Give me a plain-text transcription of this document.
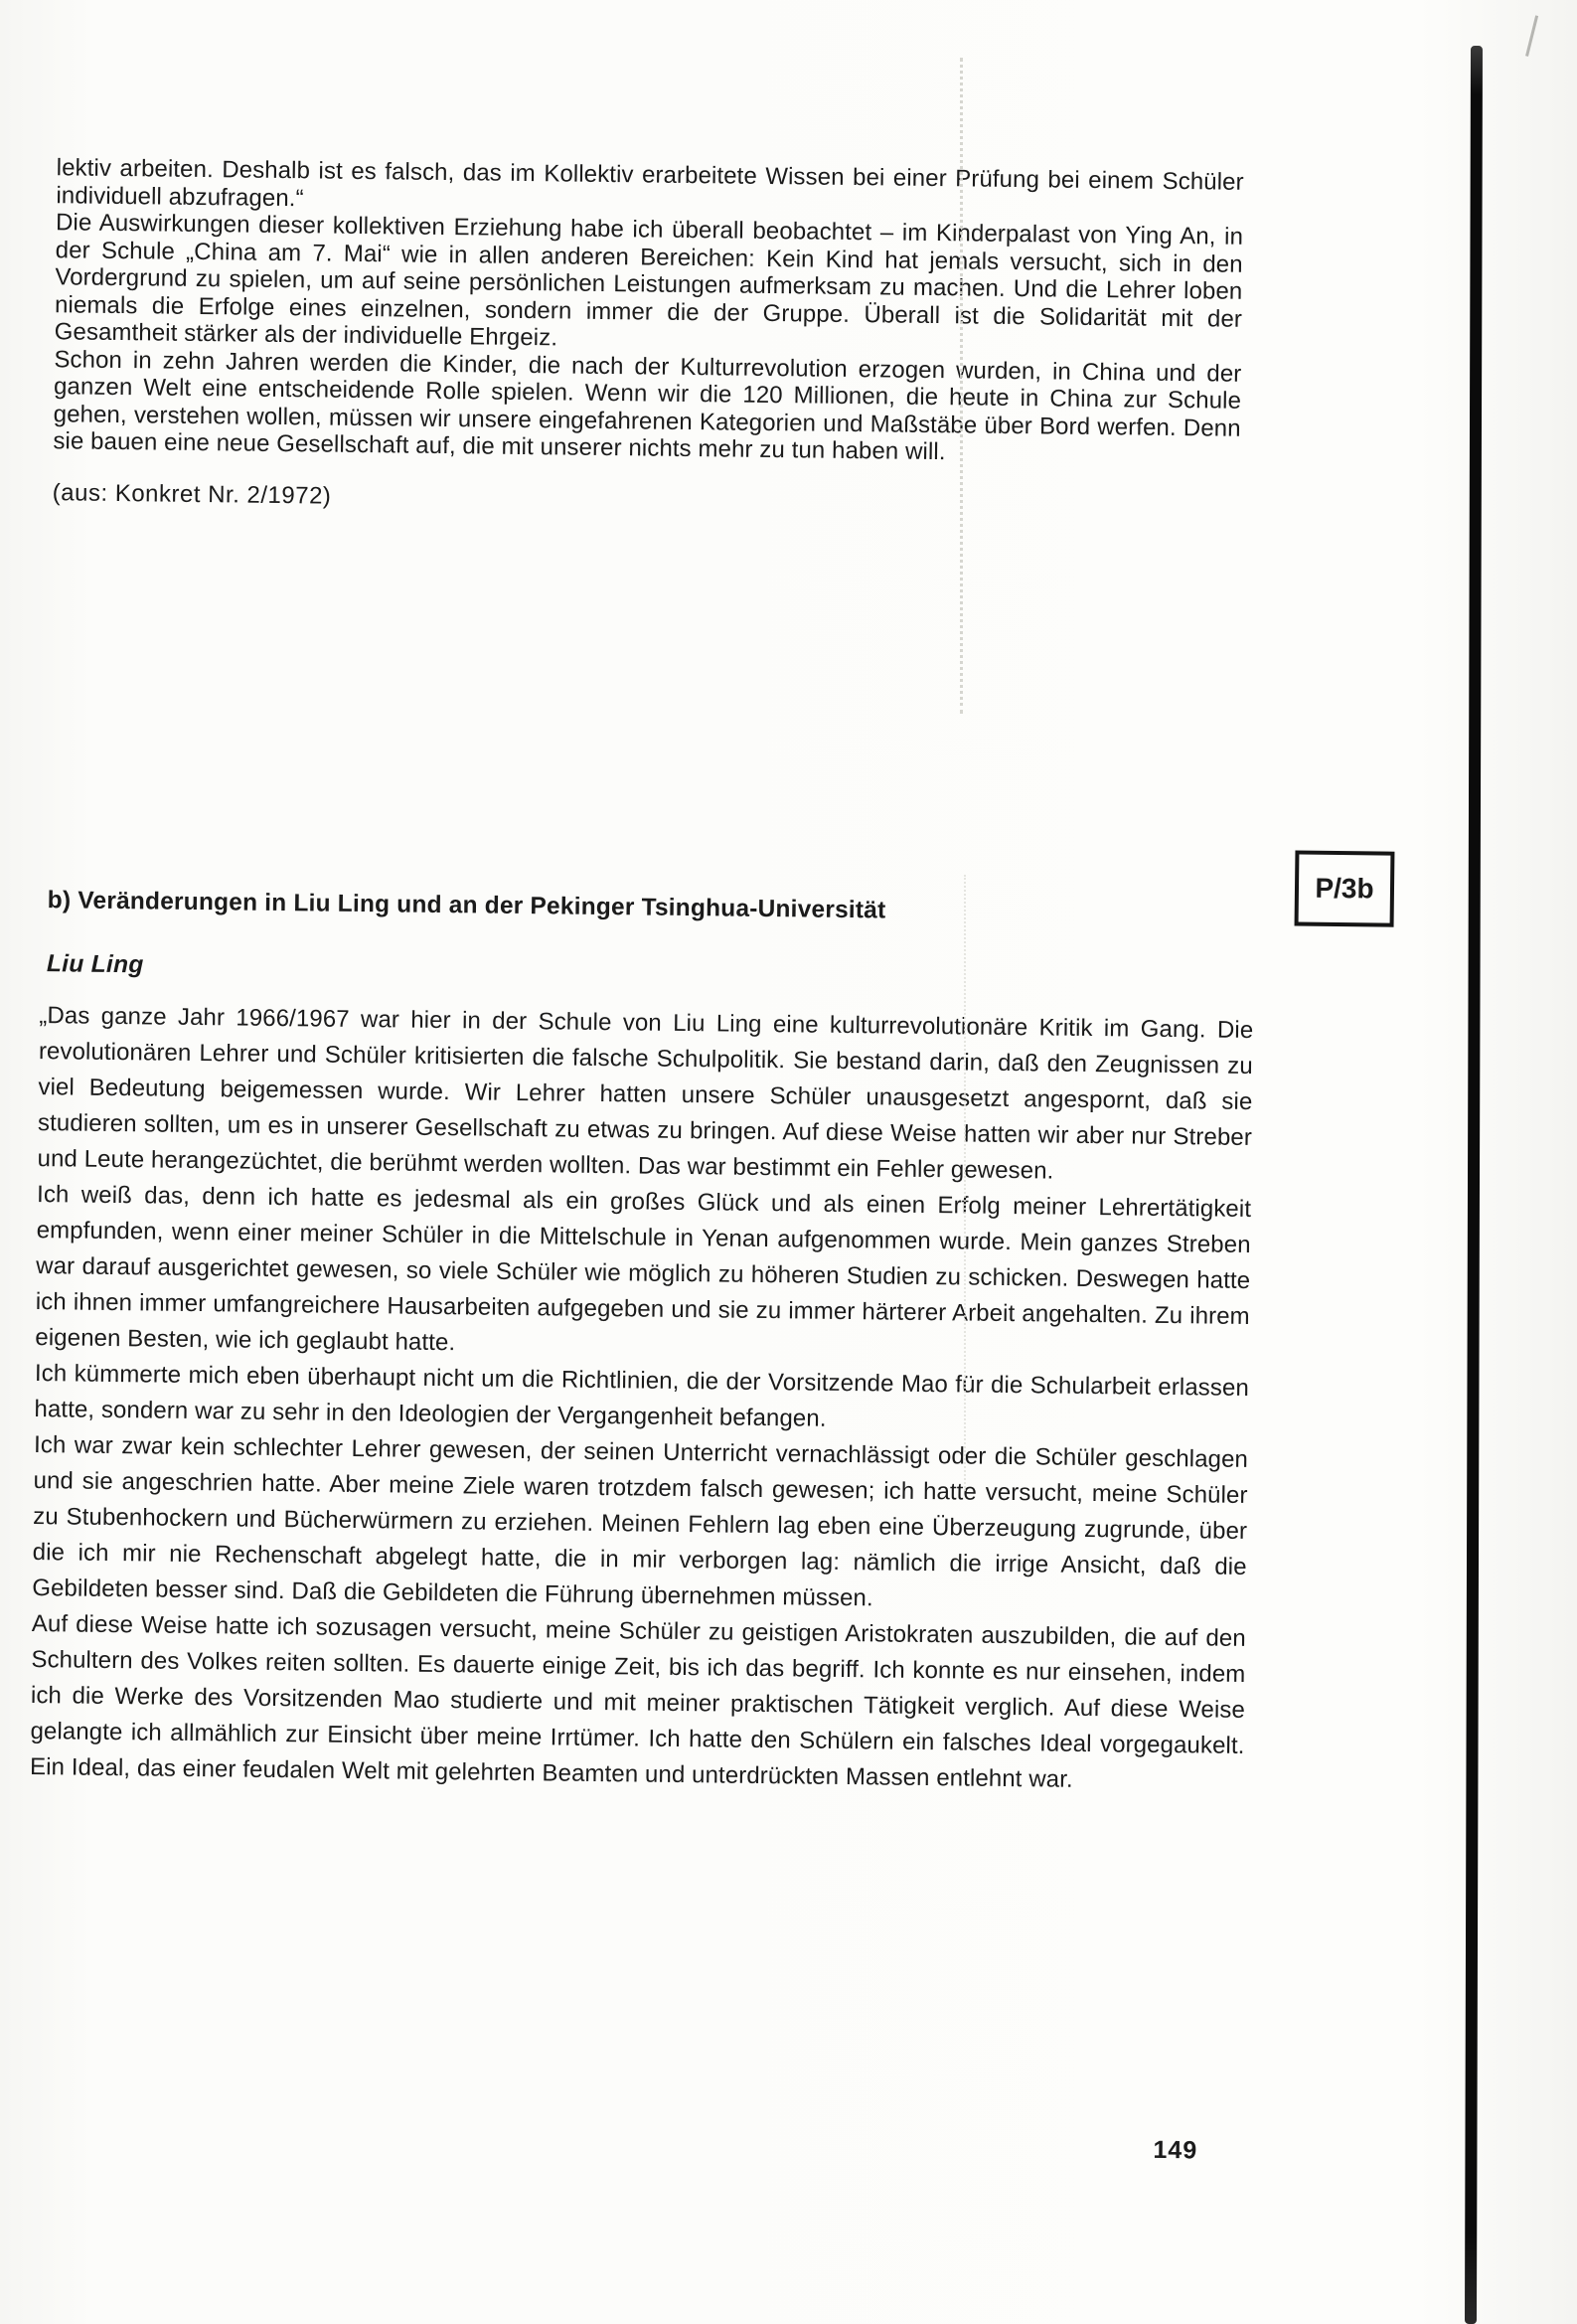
lektiv arbeiten. Deshalb ist es falsch, das im Kollektiv erarbeitete Wissen bei einer Prüfung bei einem Schüler individuell abzufragen.“

Die Auswirkungen dieser kollektiven Erziehung habe ich überall beobachtet – im Kinderpalast von Ying An, in der Schule „China am 7. Mai“ wie in allen anderen Bereichen: Kein Kind hat jemals versucht, sich in den Vordergrund zu spielen, um auf seine persönlichen Leistungen aufmerksam zu machen. Und die Lehrer loben niemals die Erfolge eines einzelnen, sondern immer die der Gruppe. Überall ist die Solidarität mit der Gesamtheit stärker als der individuelle Ehrgeiz.

Schon in zehn Jahren werden die Kinder, die nach der Kulturrevolution erzogen wurden, in China und der ganzen Welt eine entscheidende Rolle spielen. Wenn wir die 120 Millionen, die heute in China zur Schule gehen, verstehen wollen, müssen wir unsere eingefahrenen Kategorien und Maßstäbe über Bord werfen. Denn sie bauen eine neue Gesellschaft auf, die mit unserer nichts mehr zu tun haben will.

(aus: Konkret Nr. 2/1972)

b) Veränderungen in Liu Ling und an der Pekinger Tsinghua-Universität	P/3b
Liu Ling

„Das ganze Jahr 1966/1967 war hier in der Schule von Liu Ling eine kulturrevolutionäre Kritik im Gang. Die revolutionären Lehrer und Schüler kritisierten die falsche Schulpolitik. Sie bestand darin, daß den Zeugnissen zu viel Bedeutung beigemessen wurde. Wir Lehrer hatten unsere Schüler unausgesetzt angespornt, daß sie studieren sollten, um es in unserer Gesellschaft zu etwas zu bringen. Auf diese Weise hatten wir aber nur Streber und Leute herangezüchtet, die berühmt werden wollten. Das war bestimmt ein Fehler gewesen.

Ich weiß das, denn ich hatte es jedesmal als ein großes Glück und als einen Erfolg meiner Lehrertätigkeit empfunden, wenn einer meiner Schüler in die Mittelschule in Yenan aufgenommen wurde. Mein ganzes Streben war darauf ausgerichtet gewesen, so viele Schüler wie möglich zu höheren Studien zu schicken. Deswegen hatte ich ihnen immer umfangreichere Hausarbeiten aufgegeben und sie zu immer härterer Arbeit angehalten. Zu ihrem eigenen Besten, wie ich geglaubt hatte.

Ich kümmerte mich eben überhaupt nicht um die Richtlinien, die der Vorsitzende Mao für die Schularbeit erlassen hatte, sondern war zu sehr in den Ideologien der Vergangenheit befangen.

Ich war zwar kein schlechter Lehrer gewesen, der seinen Unterricht vernachlässigt oder die Schüler geschlagen und sie angeschrien hatte. Aber meine Ziele waren trotzdem falsch gewesen; ich hatte versucht, meine Schüler zu Stubenhockern und Bücherwürmern zu erziehen. Meinen Fehlern lag eben eine Überzeugung zugrunde, über die ich mir nie Rechenschaft abgelegt hatte, die in mir verborgen lag: nämlich die irrige Ansicht, daß die Gebildeten besser sind. Daß die Gebildeten die Führung übernehmen müssen.

Auf diese Weise hatte ich sozusagen versucht, meine Schüler zu geistigen Aristokraten auszubilden, die auf den Schultern des Volkes reiten sollten. Es dauerte einige Zeit, bis ich das begriff. Ich konnte es nur einsehen, indem ich die Werke des Vorsitzenden Mao studierte und mit meiner praktischen Tätigkeit verglich. Auf diese Weise gelangte ich allmählich zur Einsicht über meine Irrtümer. Ich hatte den Schülern ein falsches Ideal vorgegaukelt. Ein Ideal, das einer feudalen Welt mit gelehrten Beamten und unterdrückten Massen entlehnt war.

149
